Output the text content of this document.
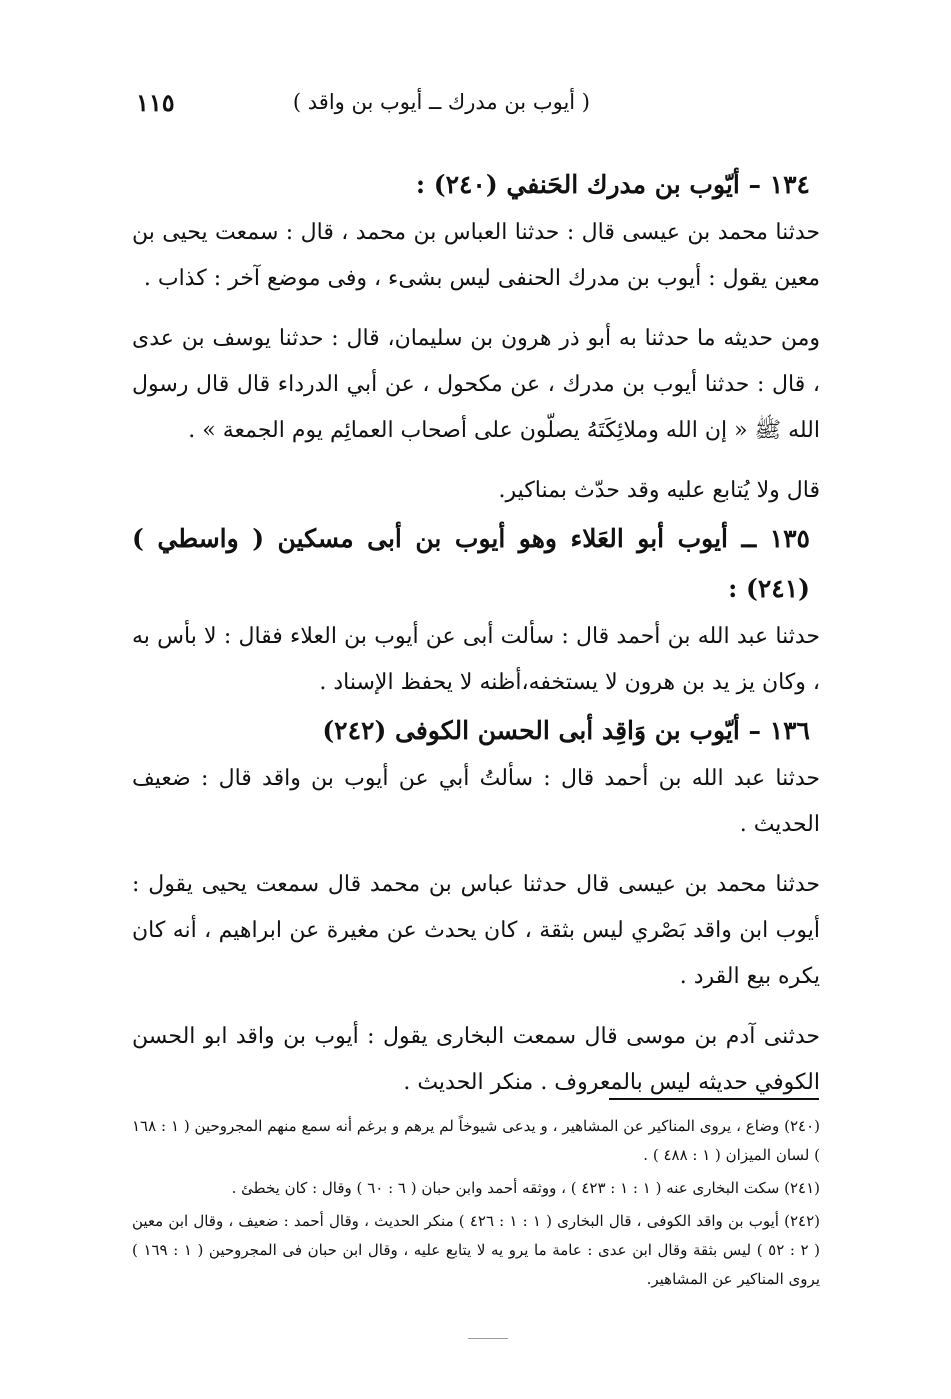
١١٥	( أيوب بن مدرك ــ أيوب بن واقد )

١٣٤ – أيّوب بن مدرك الحَنفي (٢٤٠) :

حدثنا محمد بن عيسى قال : حدثنا العباس بن محمد ، قال : سمعت يحيى بن معين يقول : أيوب بن مدرك الحنفى ليس بشىء ، وفى موضع آخر : كذاب .

ومن حديثه ما حدثنا به أبو ذر هرون بن سليمان، قال : حدثنا يوسف بن عدى ، قال : حدثنا أيوب بن مدرك ، عن مكحول ، عن أبي الدرداء قال قال رسول الله ﷺ « إن الله وملائِكَتَهُ يصلّون على أصحاب العمائِم يوم الجمعة » .

قال ولا يُتابع عليه وقد حدّث بمناكير.

١٣٥ ــ أيوب أبو العَلاء وهو أيوب بن أبى مسكين ( واسطي ) (٢٤١) :

حدثنا عبد الله بن أحمد قال : سألت أبى عن أيوب بن العلاء فقال : لا بأس به ، وكان يز يد بن هرون لا يستخفه،أظنه لا يحفظ الإسناد .

١٣٦ – أيّوب بن وَاقِد أبى الحسن الكوفى (٢٤٢)

حدثنا عبد الله بن أحمد قال : سألتُ أبي عن أيوب بن واقد قال : ضعيف الحديث .

حدثنا محمد بن عيسى قال حدثنا عباس بن محمد قال سمعت يحيى يقول : أيوب ابن واقد بَصْري ليس بثقة ، كان يحدث عن مغيرة عن ابراهيم ، أنه كان يكره بيع القرد .

حدثنى آدم بن موسى قال سمعت البخارى يقول : أيوب بن واقد ابو الحسن الكوفي حديثه ليس بالمعروف . منكر الحديث .

(٢٤٠) وضاع ، يروى المناكير عن المشاهير ، و يدعى شيوخاً لم يرهم و برغم أنه سمع منهم المجروحين ( ١ : ١٦٨ ) لسان الميزان ( ١ : ٤٨٨ ) .

(٢٤١) سكت البخارى عنه ( ١ : ١ : ٤٢٣ ) ، ووثقه أحمد وابن حبان ( ٦ : ٦٠ ) وقال : كان يخطئ .

(٢٤٢) أيوب بن واقد الكوفى ، قال البخارى ( ١ : ١ : ٤٢٦ ) منكر الحديث ، وقال أحمد : ضعيف ، وقال ابن معين ( ٢ : ٥٢ ) ليس بثقة وقال ابن عدى : عامة ما يرو يه لا يتابع عليه ، وقال ابن حبان فى المجروحين ( ١ : ١٦٩ ) يروى المناكير عن المشاهير.
